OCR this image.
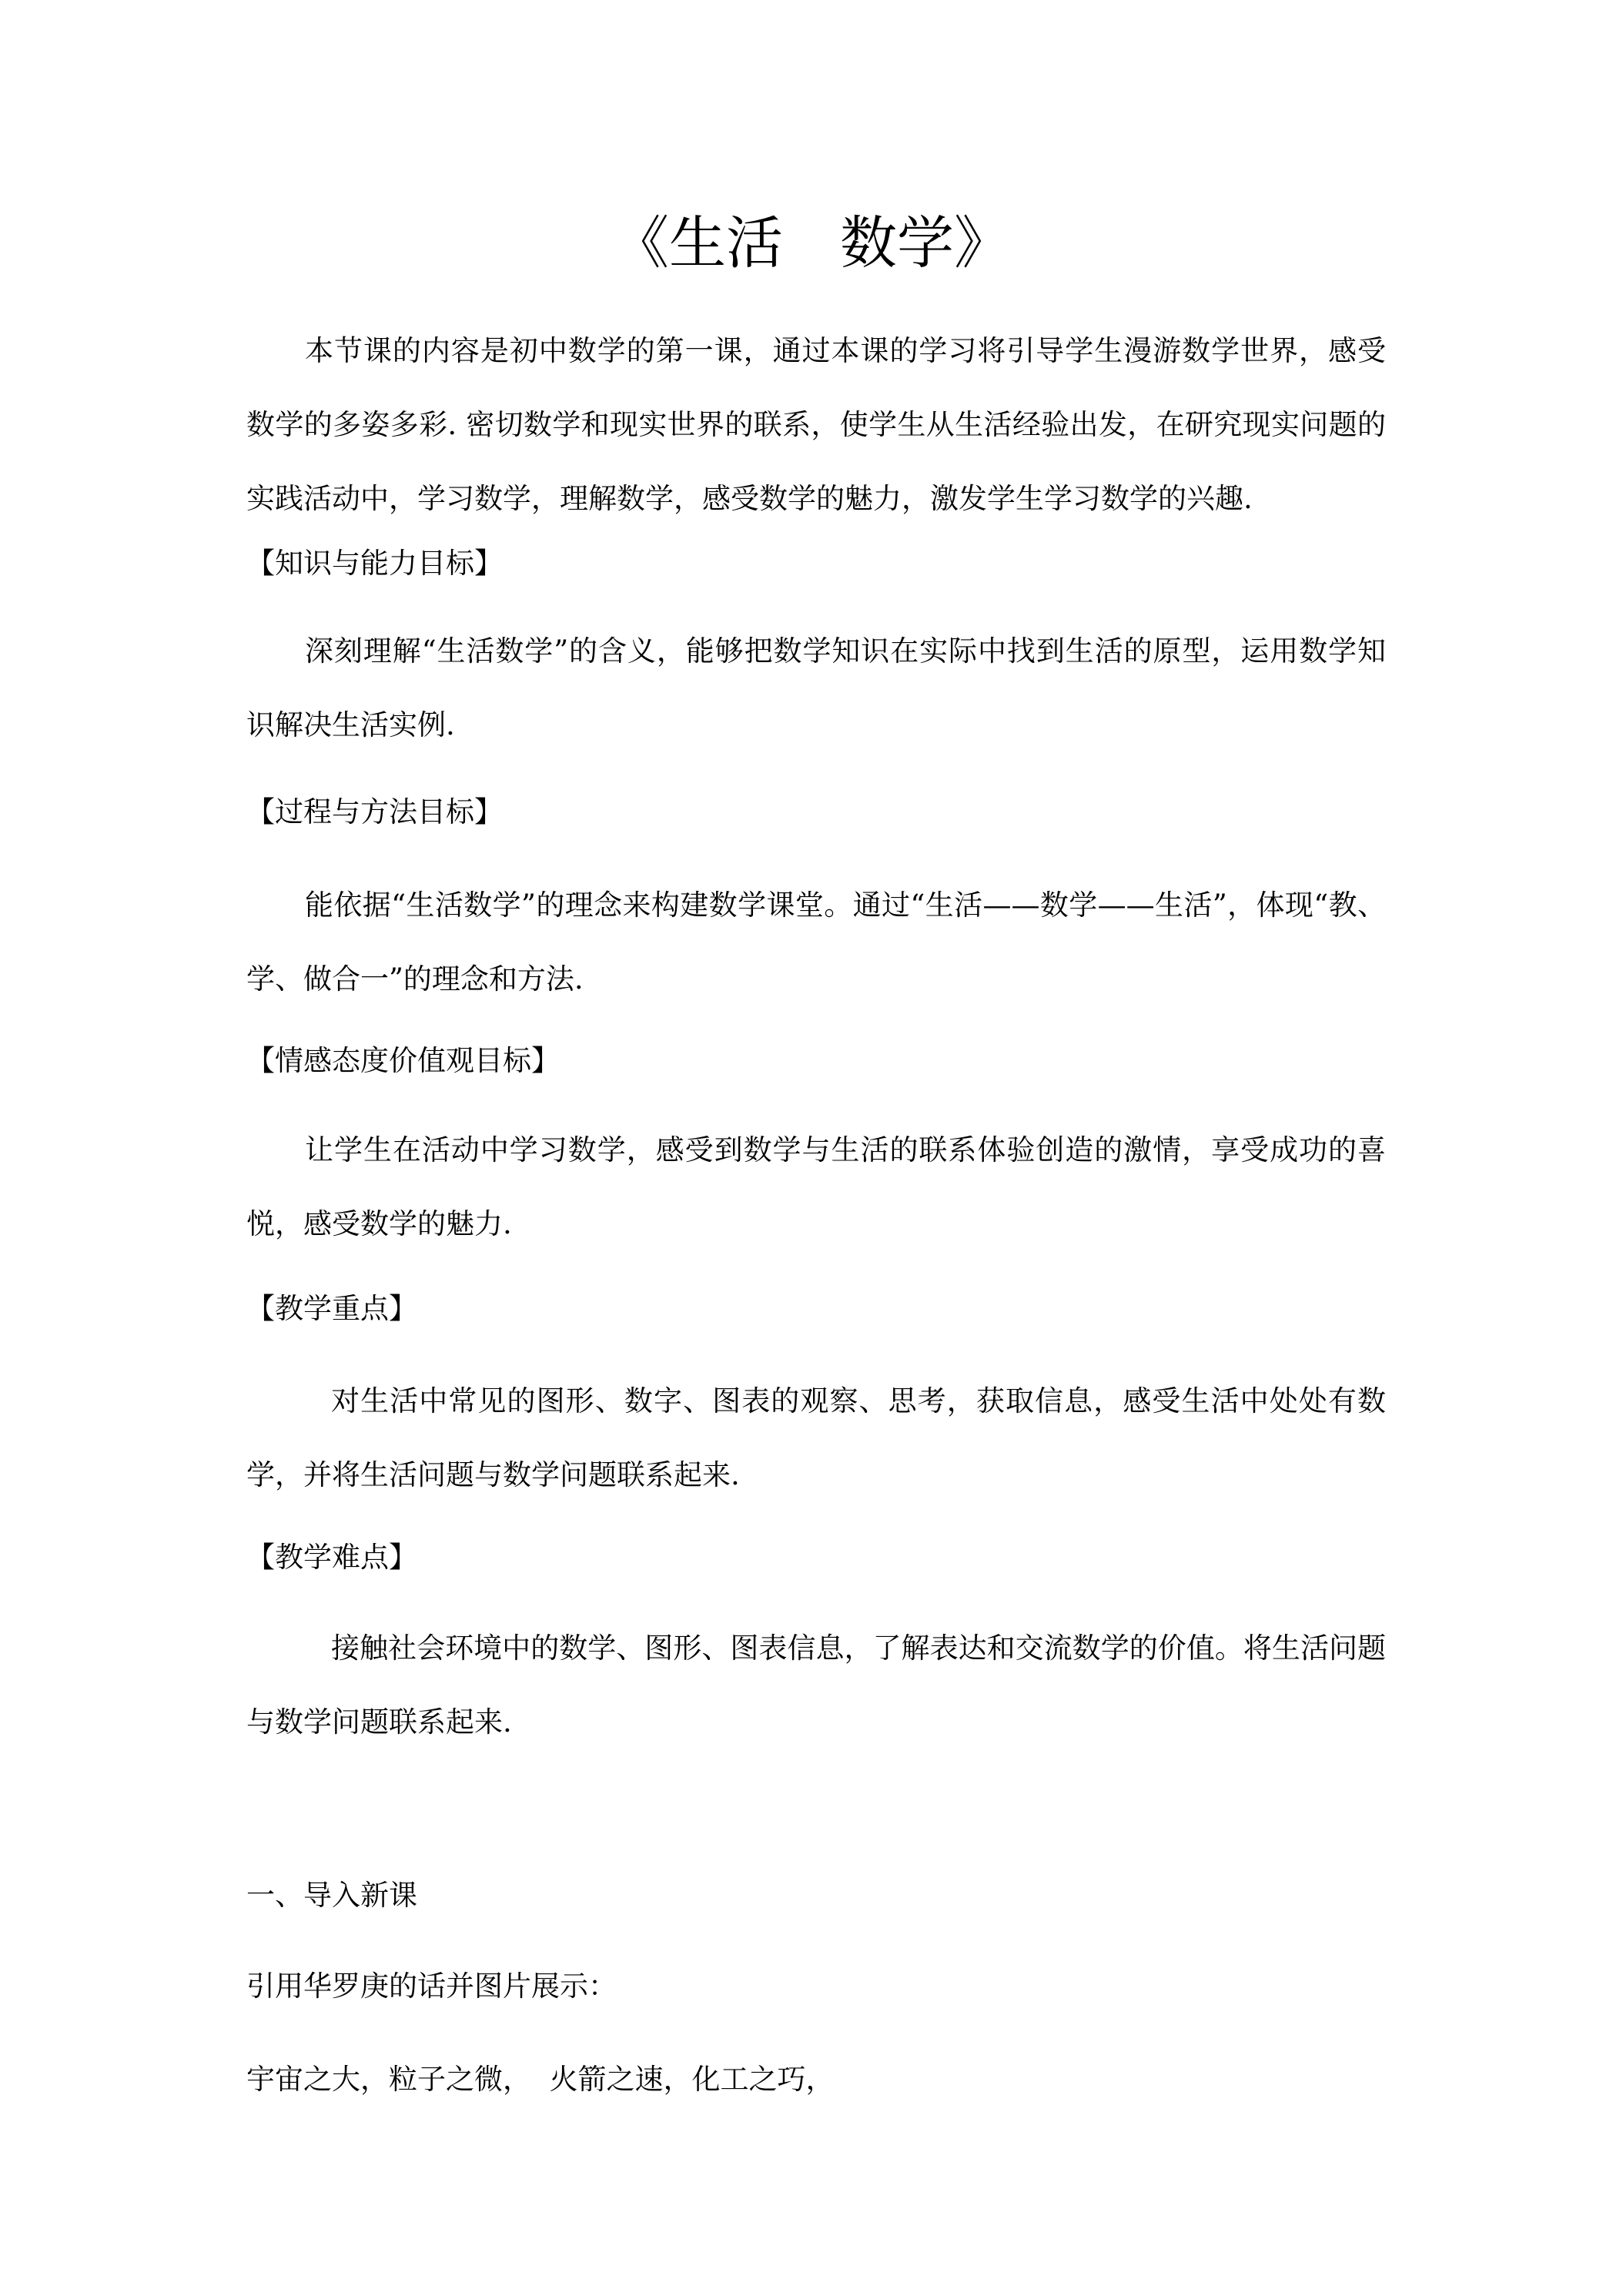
《生活　数学》

本节课的内容是初中数学的第一课，通过本课的学习将引导学生漫游数学世界，感受数学的多姿多彩. 密切数学和现实世界的联系，使学生从生活经验出发，在研究现实问题的实践活动中，学习数学，理解数学，感受数学的魅力，激发学生学习数学的兴趣.

【知识与能力目标】

深刻理解“生活数学”的含义，能够把数学知识在实际中找到生活的原型，运用数学知识解决生活实例.

【过程与方法目标】

能依据“生活数学”的理念来构建数学课堂。通过“生活——数学——生活”，体现“教、学、做合一”的理念和方法.

【情感态度价值观目标】

让学生在活动中学习数学，感受到数学与生活的联系体验创造的激情，享受成功的喜悦，感受数学的魅力.

【教学重点】

对生活中常见的图形、数字、图表的观察、思考，获取信息，感受生活中处处有数学，并将生活问题与数学问题联系起来.

【教学难点】

接触社会环境中的数学、图形、图表信息，了解表达和交流数学的价值。将生活问题与数学问题联系起来.

一、导入新课
引用华罗庚的话并图片展示：
宇宙之大，粒子之微，  火箭之速，化工之巧，
